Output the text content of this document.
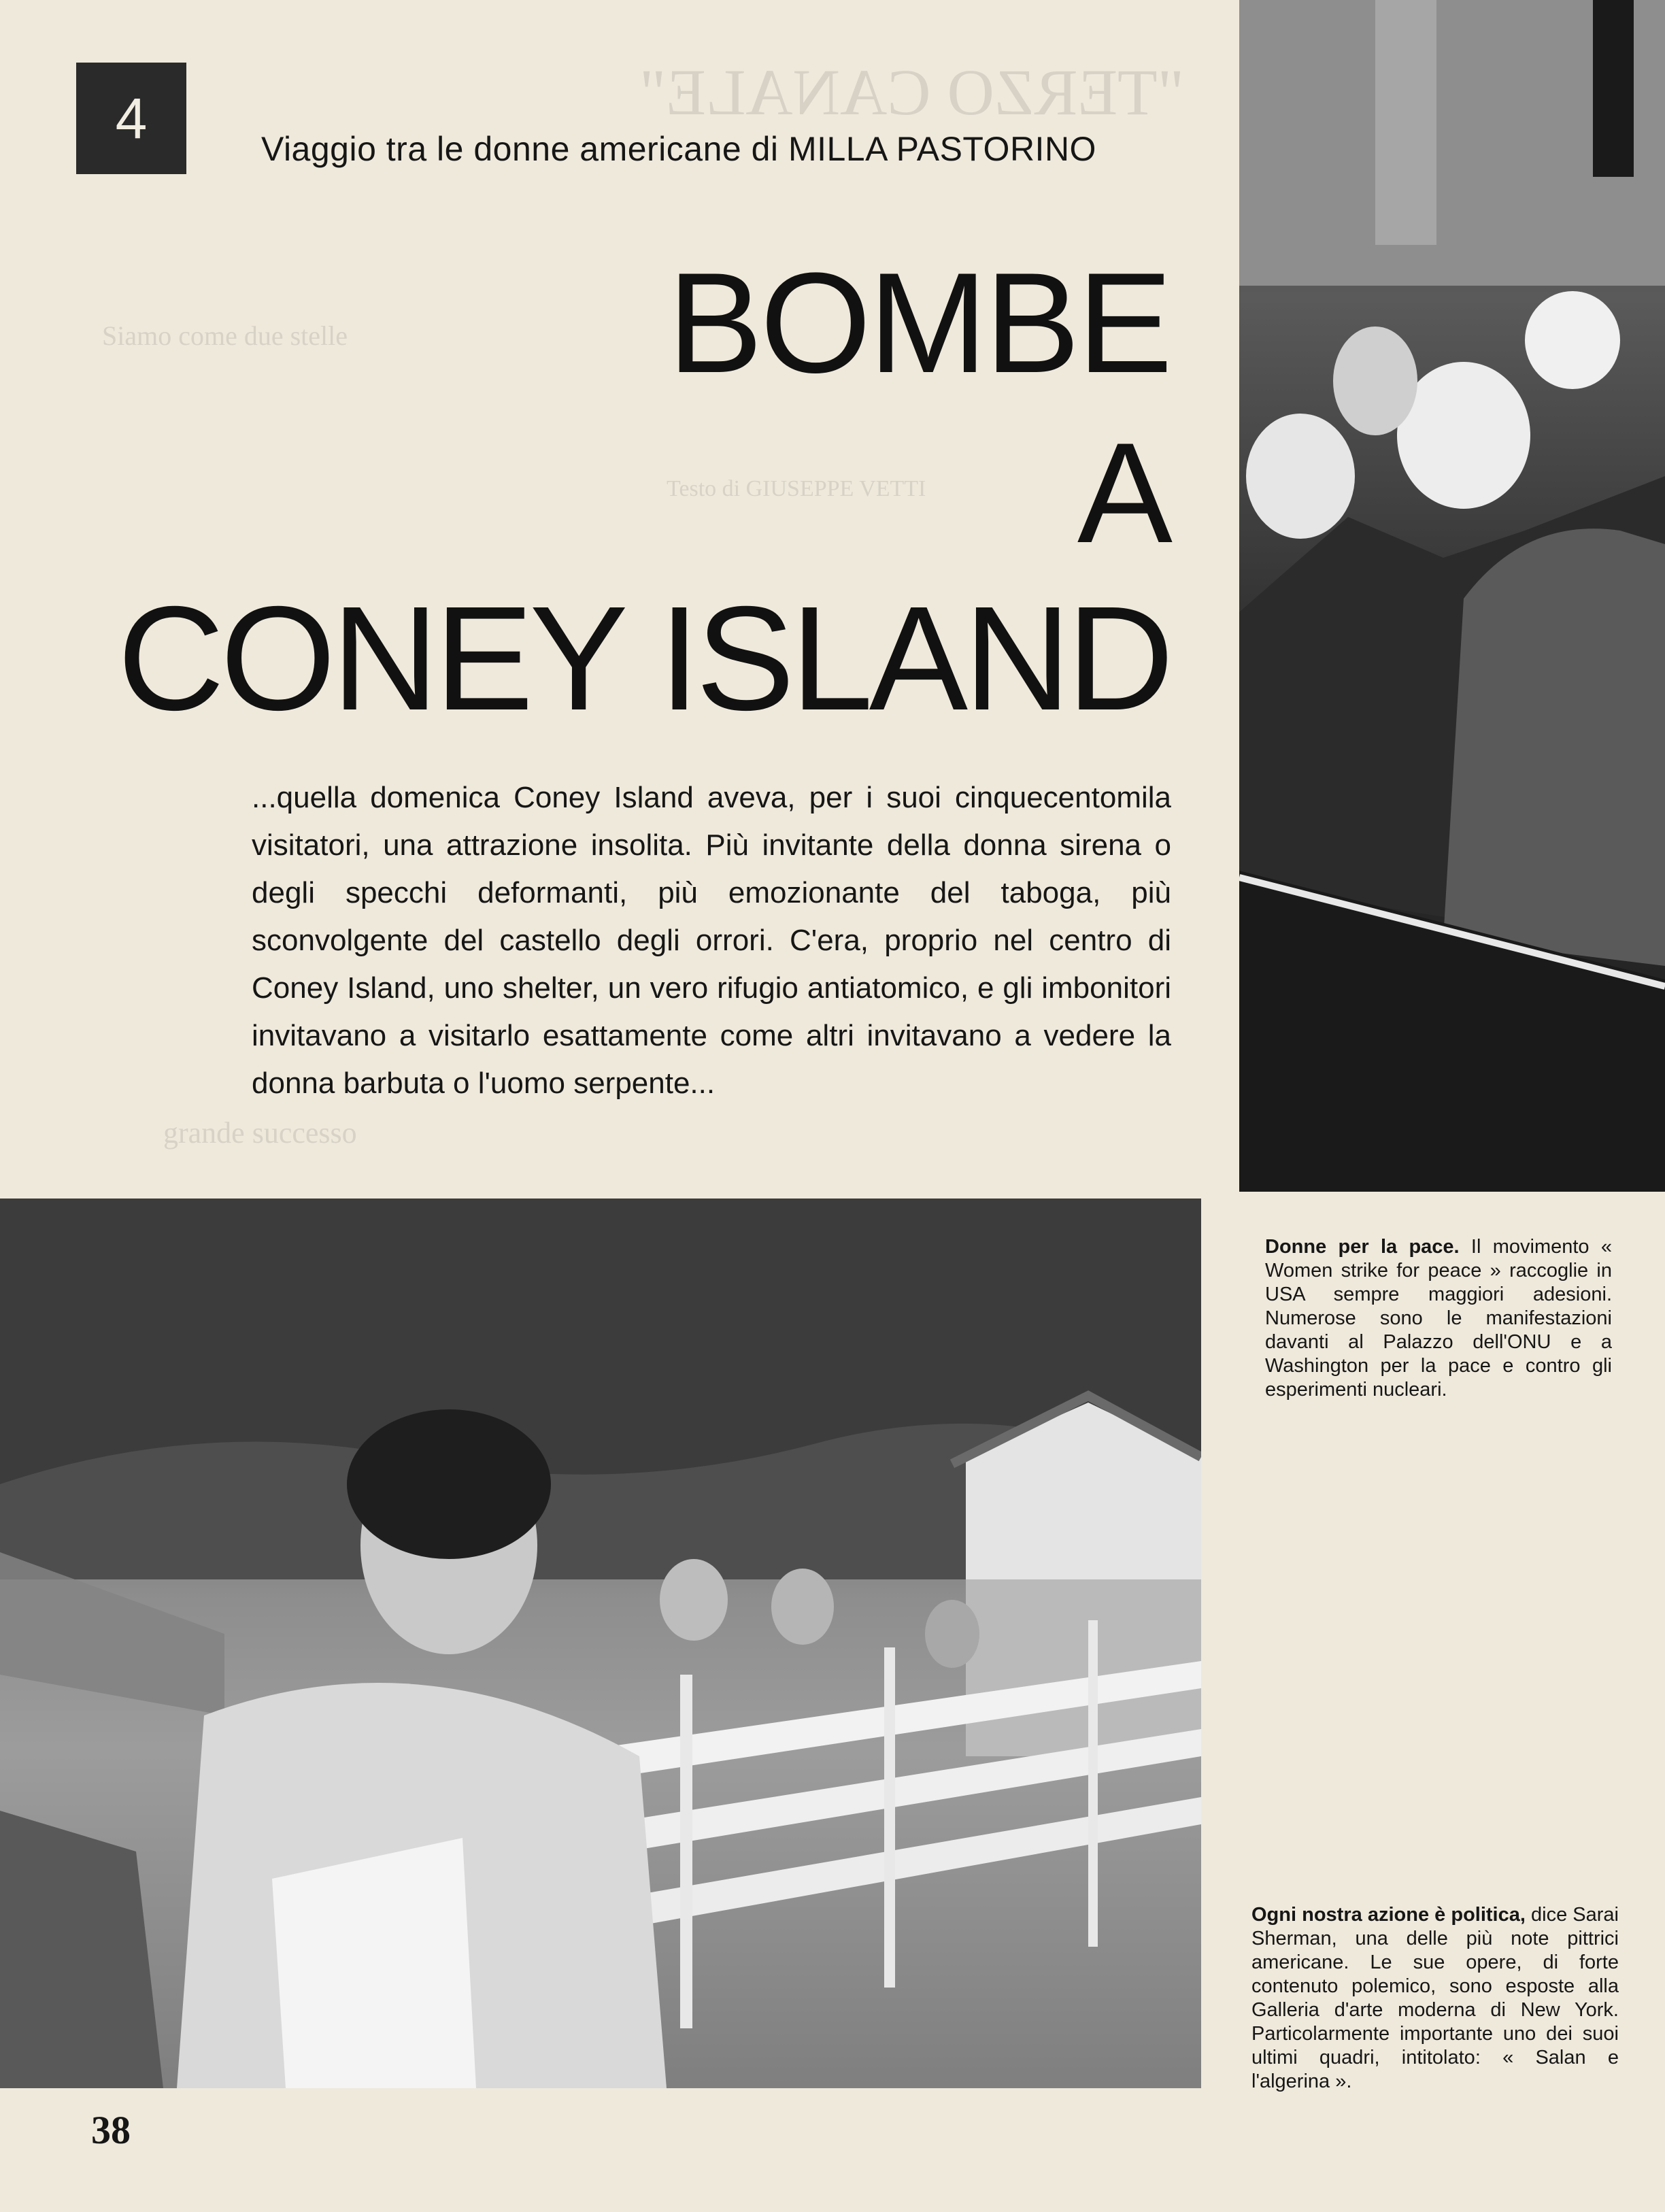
"TERZO CANALE"
Siamo come due stelle
Testo di GIUSEPPE VETTI
grande successo
4	Viaggio tra le donne americane di MILLA PASTORINO
BOMBE
A
CONEY ISLAND

...quella domenica Coney Island aveva, per i suoi cinquecentomila visitatori, una attrazione insolita. Più invitante della donna sirena o degli specchi deformanti, più emozionante del taboga, più sconvolgente del castello degli orrori. C'era, proprio nel centro di Coney Island, uno shelter, un vero rifugio antiatomico, e gli imbonitori invitavano a visitarlo esattamente come altri invitavano a vedere la donna barbuta o l'uomo serpente...

Donne per la pace. Il movimento « Women strike for peace » raccoglie in USA sempre maggiori adesioni. Numerose sono le manifestazioni davanti al Palazzo dell'ONU e a Washington per la pace e contro gli esperimenti nucleari.
Ogni nostra azione è politica, dice Sarai Sherman, una delle più note pittrici americane. Le sue opere, di forte contenuto polemico, sono esposte alla Galleria d'arte moderna di New York. Particolarmente importante uno dei suoi ultimi quadri, intitolato: « Salan e l'algerina ».
38
